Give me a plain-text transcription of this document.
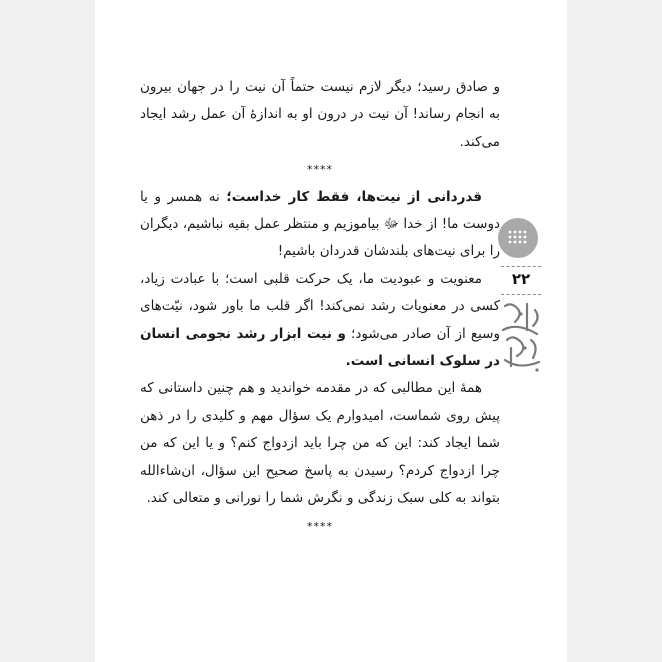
و صادق رسید؛ دیگر لازم نیست حتماً آن نیت را در جهان بیرون به انجام رساند! آن نیت در درون او به اندازهٔ آن عمل رشد ایجاد می‌کند.

****

قدردانی از نیت‌ها، فقط کار خداست؛ نه همسر و یا دوست ما! از خدا ﷻ بیاموزیم و منتظر عمل بقیه نباشیم، دیگران را برای نیت‌های بلندشان قدردان باشیم!

معنویت و عبودیت ما، یک حرکت قلبی است؛ با عبادت زیاد، کسی در معنویات رشد نمی‌کند! اگر قلب ما باور شود، نیّت‌های وسیع از آن صادر می‌شود؛ و نیت ابزار رشد نجومی انسان در سلوک انسانی است.

همهٔ این مطالبی که در مقدمه خواندید و هم چنین داستانی که پیش روی شماست، امیدوارم یک سؤال مهم و کلیدی را در ذهن شما ایجاد کند: این که من چرا باید ازدواج کنم؟ و یا این که من چرا ازدواج کردم؟ رسیدن به پاسخ صحیح این سؤال، ان‌شاءالله بتواند به کلی سبک زندگی و نگرش شما را نورانی و متعالی کند.

****

۲۲
